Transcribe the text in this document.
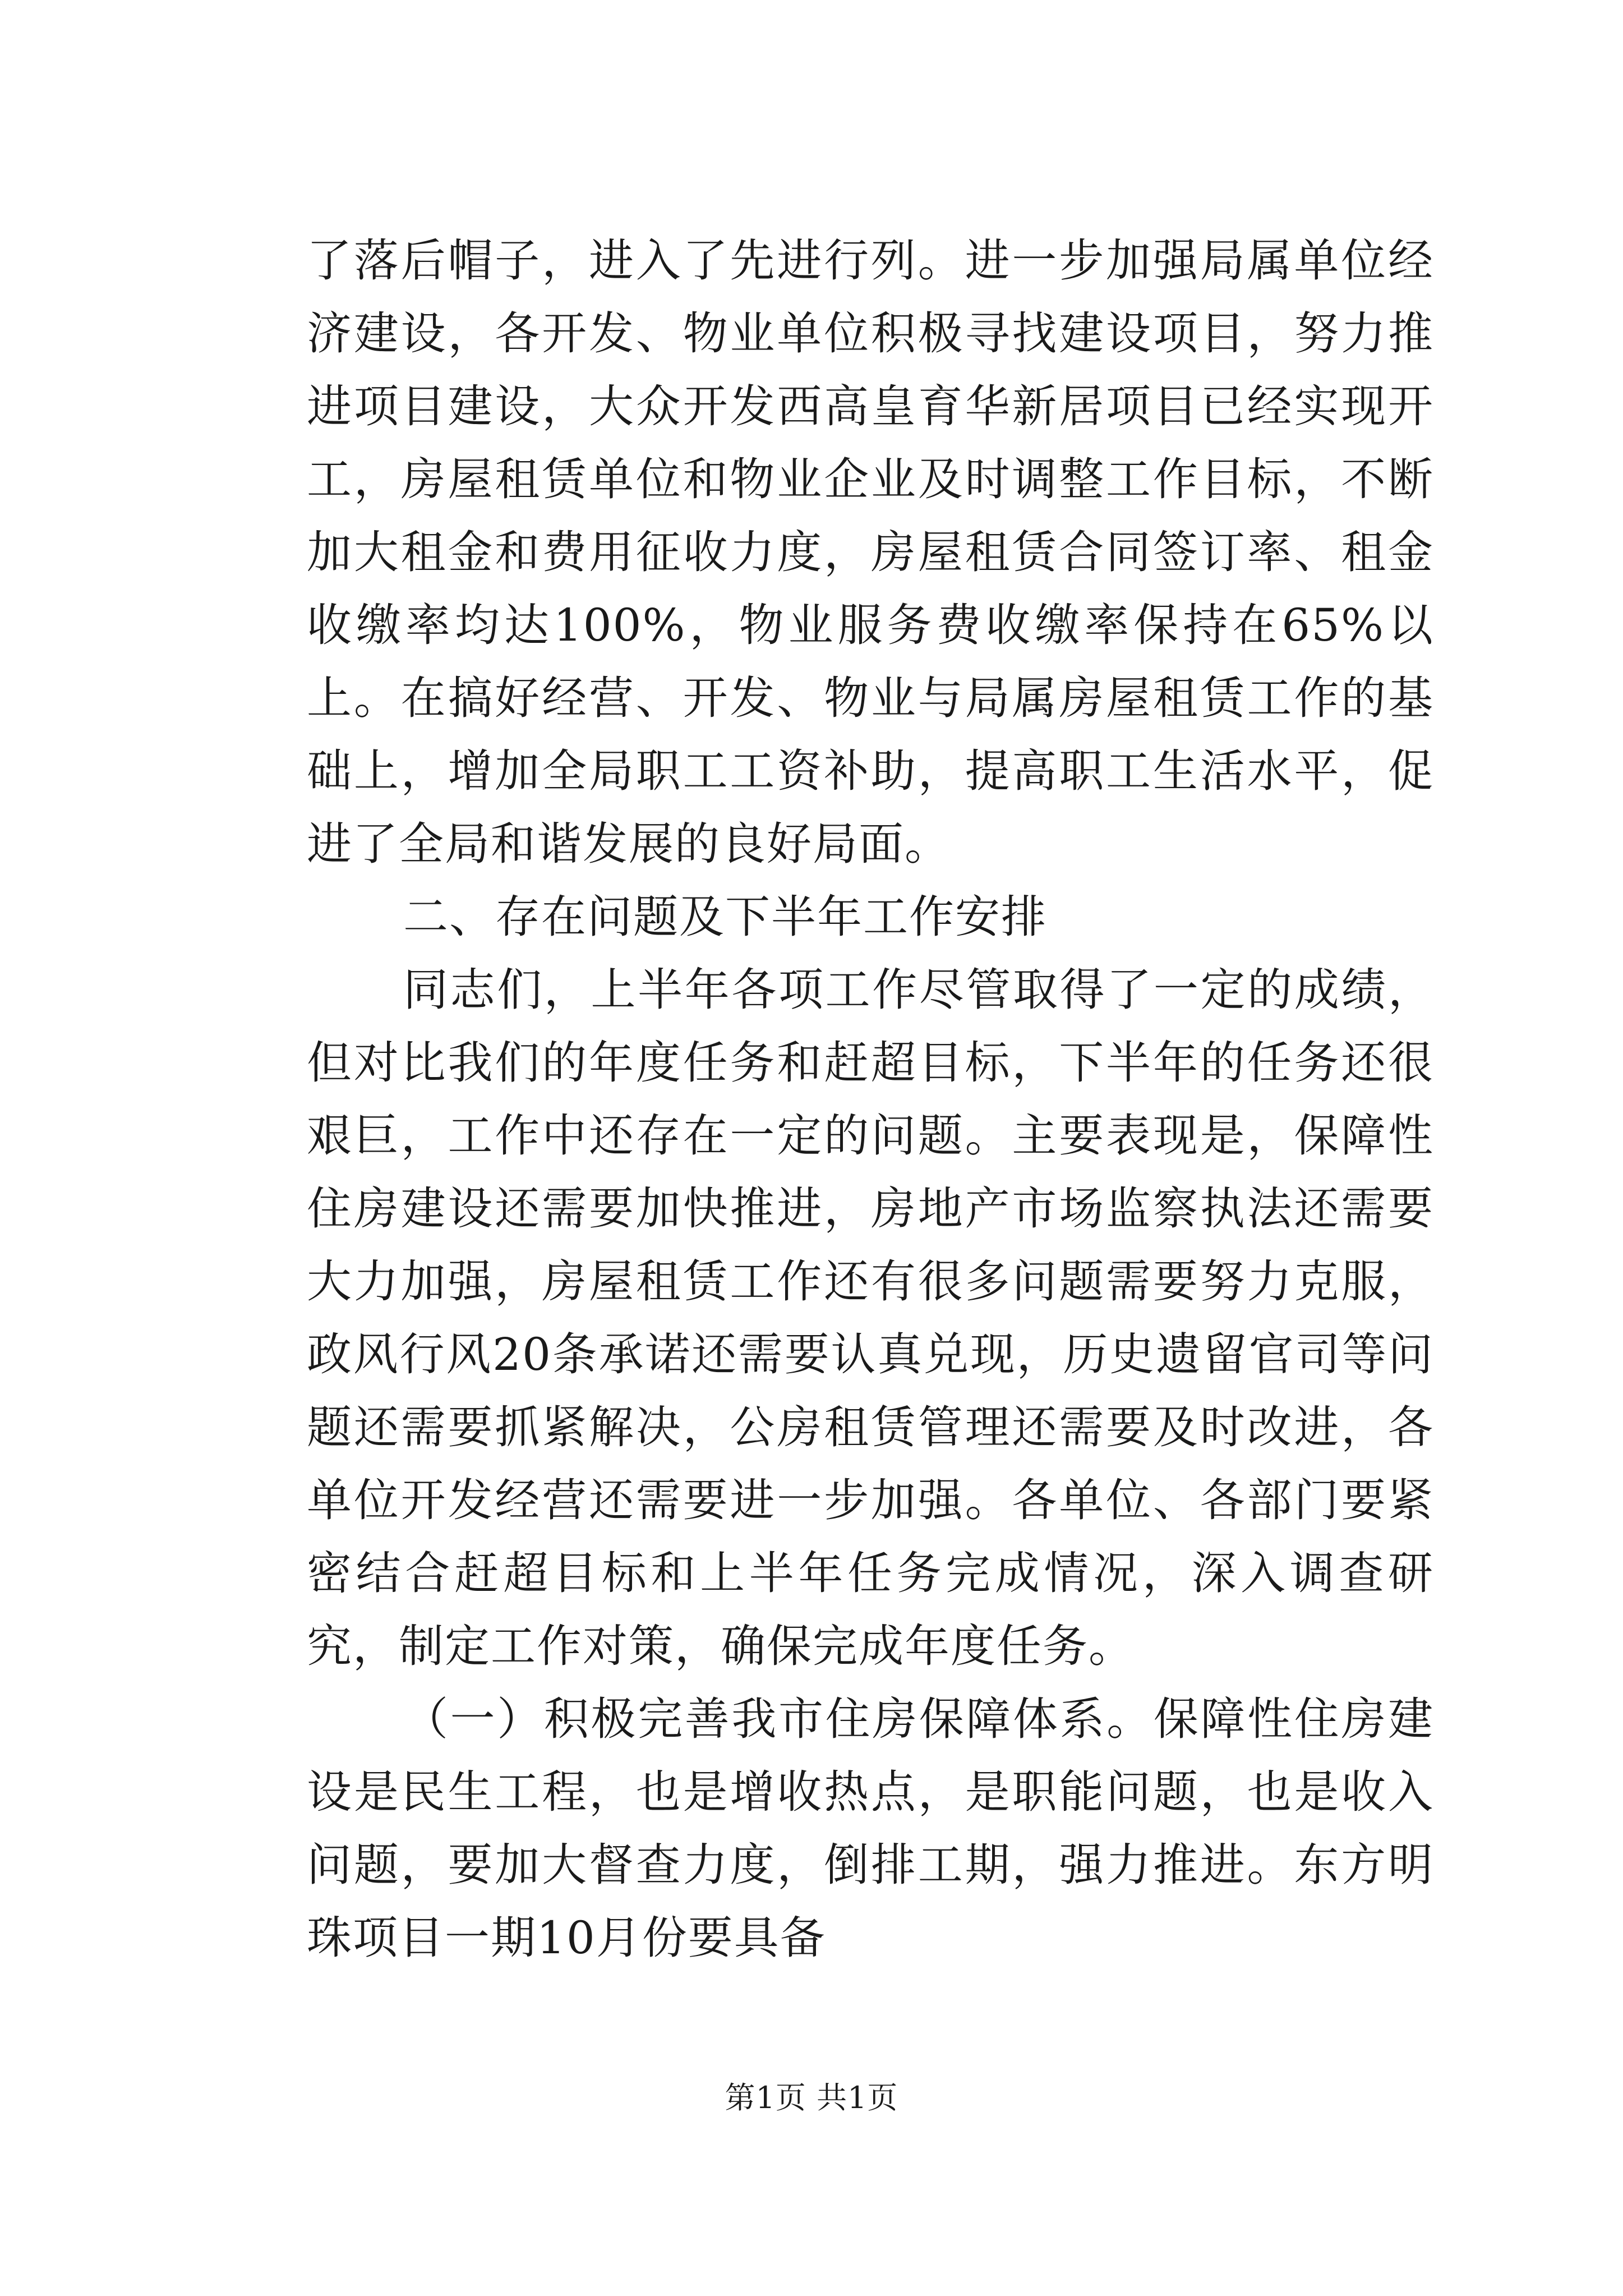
了落后帽子，进入了先进行列。进一步加强局属单位经济建设，各开发、物业单位积极寻找建设项目，努力推进项目建设，大众开发西高皇育华新居项目已经实现开工，房屋租赁单位和物业企业及时调整工作目标，不断加大租金和费用征收力度，房屋租赁合同签订率、租金收缴率均达100%，物业服务费收缴率保持在65%以上。在搞好经营、开发、物业与局属房屋租赁工作的基础上，增加全局职工工资补助，提高职工生活水平，促进了全局和谐发展的良好局面。

二、存在问题及下半年工作安排

同志们，上半年各项工作尽管取得了一定的成绩，但对比我们的年度任务和赶超目标，下半年的任务还很艰巨，工作中还存在一定的问题。主要表现是，保障性住房建设还需要加快推进，房地产市场监察执法还需要大力加强，房屋租赁工作还有很多问题需要努力克服，政风行风20条承诺还需要认真兑现，历史遗留官司等问题还需要抓紧解决，公房租赁管理还需要及时改进，各单位开发经营还需要进一步加强。各单位、各部门要紧密结合赶超目标和上半年任务完成情况，深入调查研究，制定工作对策，确保完成年度任务。

（一）积极完善我市住房保障体系。保障性住房建设是民生工程，也是增收热点，是职能问题，也是收入问题，要加大督查力度，倒排工期，强力推进。东方明珠项目一期10月份要具备

第1页 共1页
